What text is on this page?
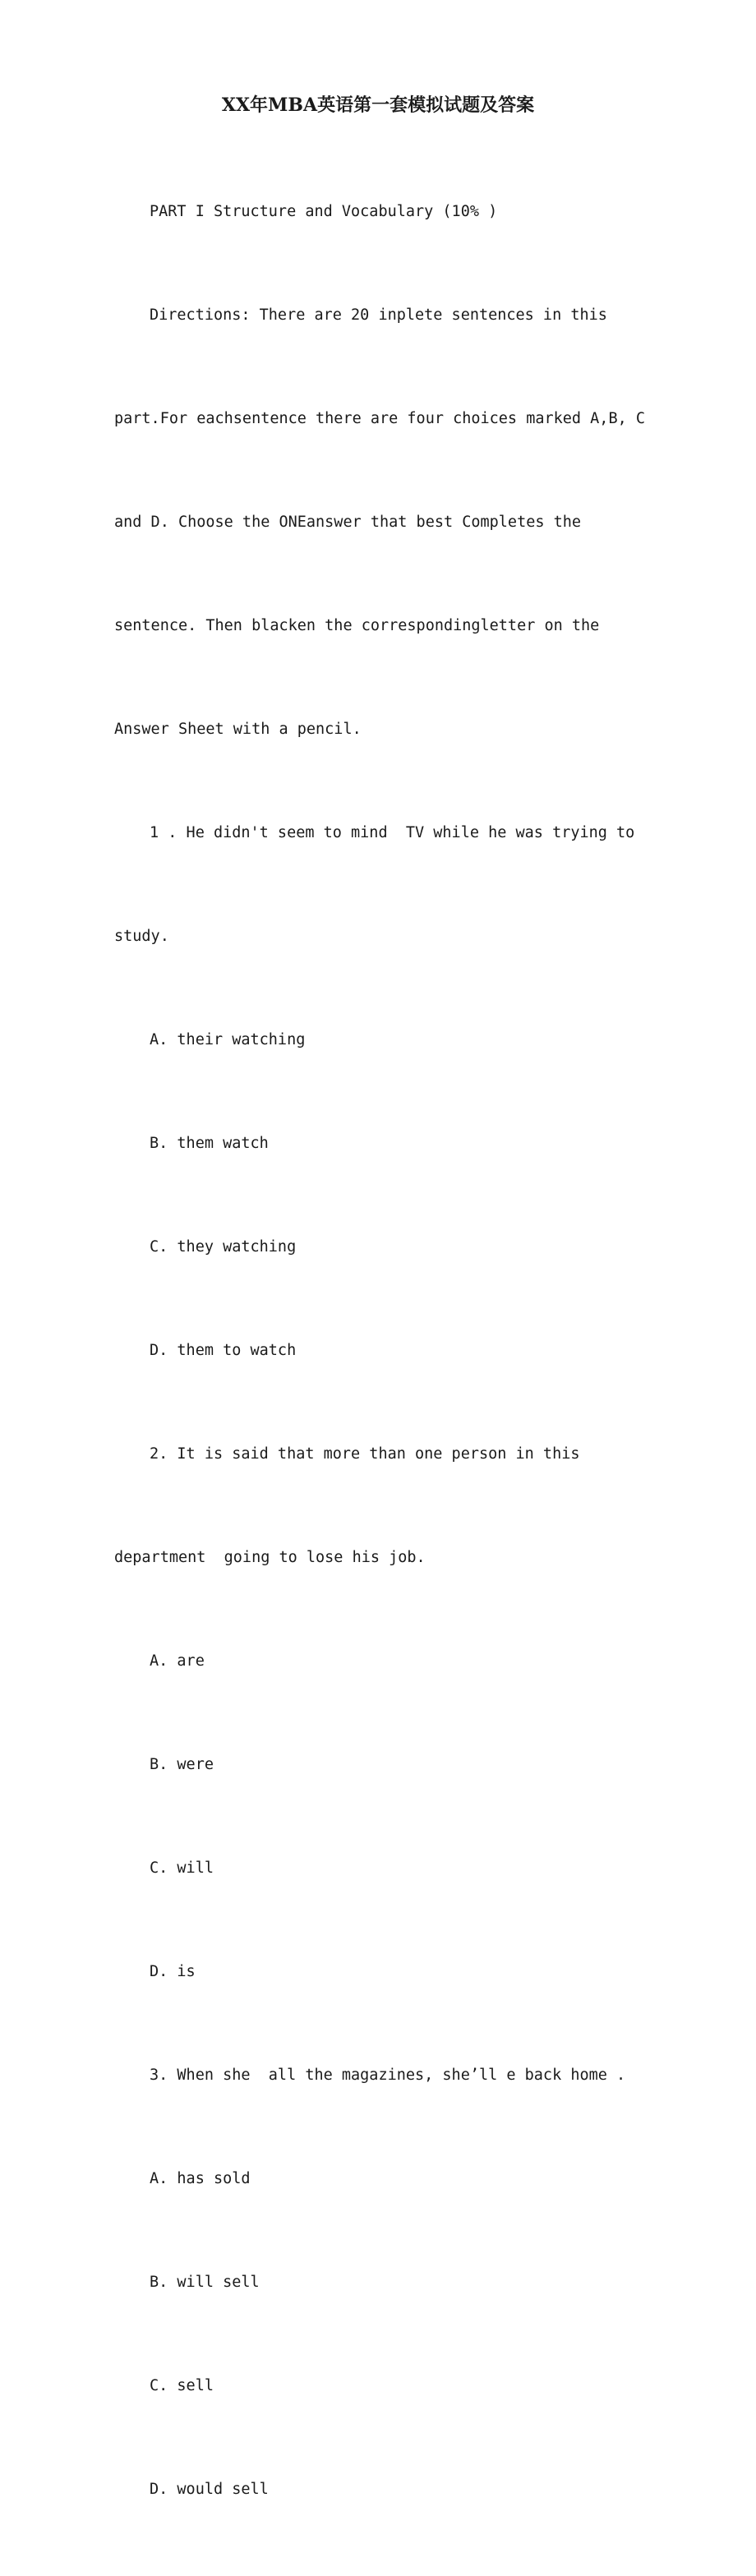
XX年MBA英语第一套模拟试题及答案

PART I Structure and Vocabulary (10% )

Directions: There are 20 inplete sentences in this

part.For eachsentence there are four choices marked A,B, C

and D. Choose the ONEanswer that best Completes the

sentence. Then blacken the correspondingletter on the

Answer Sheet with a pencil.

1 . He didn't seem to mind  TV while he was trying to

study.

A. their watching

B. them watch

C. they watching

D. them to watch

2. It is said that more than one person in this

department  going to lose his job.

A. are

B. were

C. will

D. is

3. When she  all the magazines, she’ll e back home .

A. has sold

B. will sell

C. sell

D. would sell
